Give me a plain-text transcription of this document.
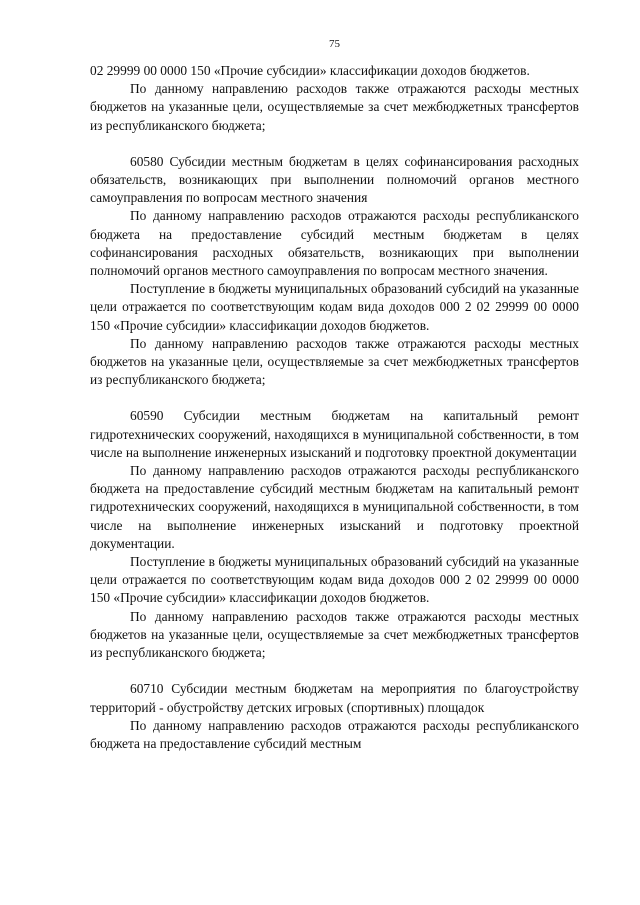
75

02 29999 00 0000 150 «Прочие субсидии» классификации доходов бюджетов.

По данному направлению расходов также отражаются расходы местных бюджетов на указанные цели, осуществляемые за счет межбюджетных трансфертов из республиканского бюджета;

60580 Субсидии местным бюджетам в целях софинансирования расходных обязательств, возникающих при выполнении полномочий органов местного самоуправления по вопросам местного значения

По данному направлению расходов отражаются расходы республиканского бюджета на предоставление субсидий местным бюджетам в целях софинансирования расходных обязательств, возникающих при выполнении полномочий органов местного самоуправления по вопросам местного значения.

Поступление в бюджеты муниципальных образований субсидий на указанные цели отражается по соответствующим кодам вида доходов 000 2 02 29999 00 0000 150 «Прочие субсидии» классификации доходов бюджетов.

По данному направлению расходов также отражаются расходы местных бюджетов на указанные цели, осуществляемые за счет межбюджетных трансфертов из республиканского бюджета;

60590 Субсидии местным бюджетам на капитальный ремонт гидротехнических сооружений, находящихся в муниципальной собственности, в том числе на выполнение инженерных изысканий и подготовку проектной документации

По данному направлению расходов отражаются расходы республиканского бюджета на предоставление субсидий местным бюджетам на капитальный ремонт гидротехнических сооружений, находящихся в муниципальной собственности, в том числе на выполнение инженерных изысканий и подготовку проектной документации.

Поступление в бюджеты муниципальных образований субсидий на указанные цели отражается по соответствующим кодам вида доходов 000 2 02 29999 00 0000 150 «Прочие субсидии» классификации доходов бюджетов.

По данному направлению расходов также отражаются расходы местных бюджетов на указанные цели, осуществляемые за счет межбюджетных трансфертов из республиканского бюджета;

60710 Субсидии местным бюджетам на мероприятия по благоустройству территорий - обустройству детских игровых (спортивных) площадок

По данному направлению расходов отражаются расходы республиканского бюджета на предоставление субсидий местным
